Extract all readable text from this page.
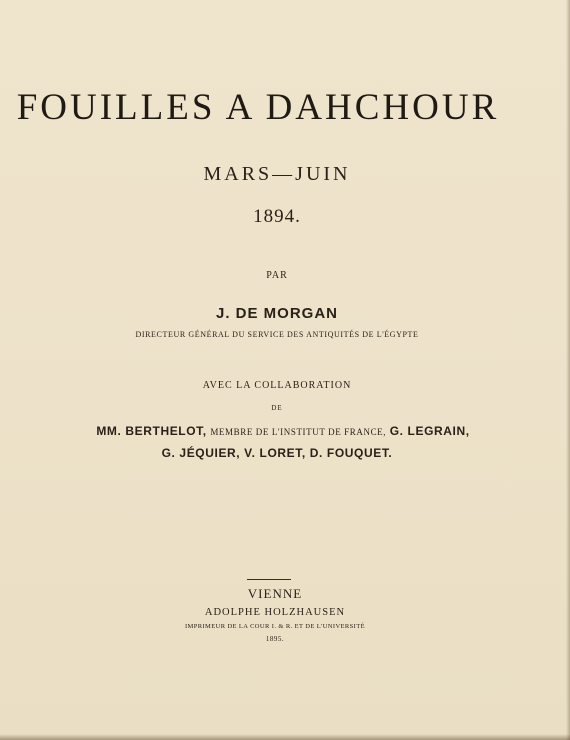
FOUILLES A DAHCHOUR
MARS—JUIN
1894.
PAR
J. DE MORGAN
DIRECTEUR GÉNÉRAL DU SERVICE DES ANTIQUITÉS DE L'ÉGYPTE
AVEC LA COLLABORATION
DE
MM. BERTHELOT, MEMBRE DE L'INSTITUT DE FRANCE, G. LEGRAIN,
G. JÉQUIER, V. LORET, D. FOUQUET.
VIENNE
ADOLPHE HOLZHAUSEN
IMPRIMEUR DE LA COUR I. & R. ET DE L'UNIVERSITÉ
1895.
